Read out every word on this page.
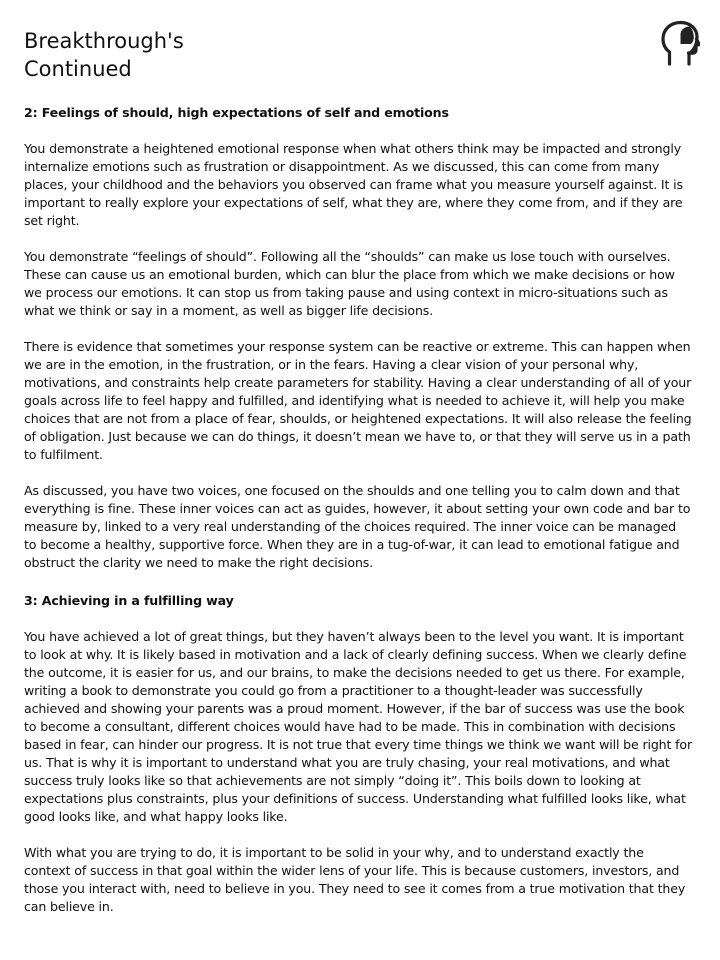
Breakthrough's
Continued
2: Feelings of should, high expectations of self and emotions

You demonstrate a heightened emotional response when what others think may be impacted and strongly internalize emotions such as frustration or disappointment. As we discussed, this can come from many places, your childhood and the behaviors you observed can frame what you measure yourself against. It is important to really explore your expectations of self, what they are, where they come from, and if they are set right.

You demonstrate “feelings of should”. Following all the “shoulds” can make us lose touch with ourselves. These can cause us an emotional burden, which can blur the place from which we make decisions or how we process our emotions. It can stop us from taking pause and using context in micro-situations such as what we think or say in a moment, as well as bigger life decisions.

There is evidence that sometimes your response system can be reactive or extreme. This can happen when we are in the emotion, in the frustration, or in the fears. Having a clear vision of your personal why, motivations, and constraints help create parameters for stability. Having a clear understanding of all of your goals across life to feel happy and fulfilled, and identifying what is needed to achieve it, will help you make choices that are not from a place of fear, shoulds, or heightened expectations. It will also release the feeling of obligation. Just because we can do things, it doesn’t mean we have to, or that they will serve us in a path to fulfilment.

As discussed, you have two voices, one focused on the shoulds and one telling you to calm down and that everything is fine. These inner voices can act as guides, however, it about setting your own code and bar to measure by, linked to a very real understanding of the choices required. The inner voice can be managed to become a healthy, supportive force. When they are in a tug-of-war, it can lead to emotional fatigue and obstruct the clarity we need to make the right decisions.

3: Achieving in a fulfilling way

You have achieved a lot of great things, but they haven’t always been to the level you want. It is important to look at why. It is likely based in motivation and a lack of clearly defining success. When we clearly define the outcome, it is easier for us, and our brains, to make the decisions needed to get us there. For example, writing a book to demonstrate you could go from a practitioner to a thought-leader was successfully achieved and showing your parents was a proud moment. However, if the bar of success was use the book to become a consultant, different choices would have had to be made. This in combination with decisions based in fear, can hinder our progress. It is not true that every time things we think we want will be right for us. That is why it is important to understand what you are truly chasing, your real motivations, and what success truly looks like so that achievements are not simply “doing it”. This boils down to looking at expectations plus constraints, plus your definitions of success. Understanding what fulfilled looks like, what good looks like, and what happy looks like.

With what you are trying to do, it is important to be solid in your why, and to understand exactly the context of success in that goal within the wider lens of your life. This is because customers, investors, and those you interact with, need to believe in you. They need to see it comes from a true motivation that they can believe in.
